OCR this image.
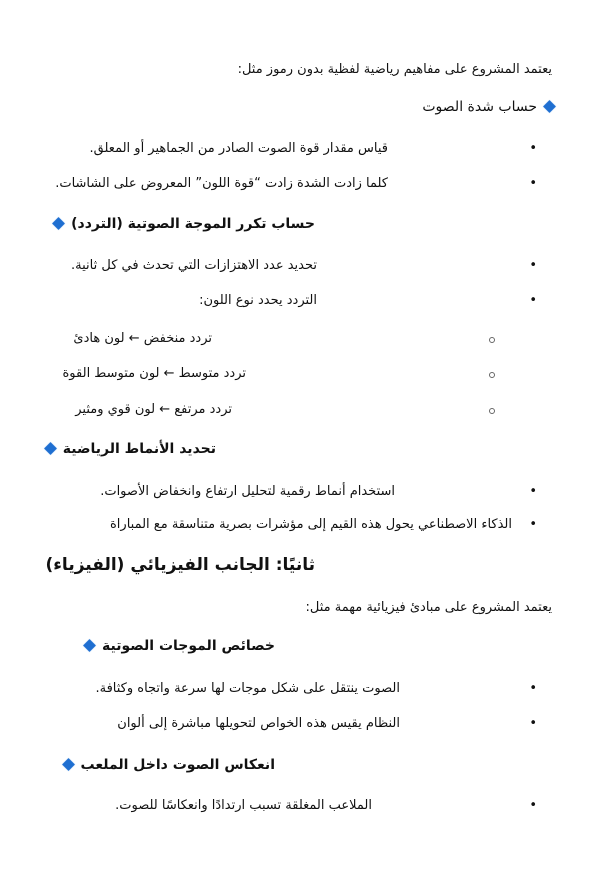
يعتمد المشروع على مفاهيم رياضية لفظية بدون رموز مثل:
حساب شدة الصوت
•
قياس مقدار قوة الصوت الصادر من الجماهير أو المعلق.
•
كلما زادت الشدة زادت “قوة اللون” المعروض على الشاشات.
حساب تكرر الموجة الصوتية (التردد)
•
تحديد عدد الاهتزازات التي تحدث في كل ثانية.
•
التردد يحدد نوع اللون:
تردد منخفض ← لون هادئ
تردد متوسط ← لون متوسط القوة
تردد مرتفع ← لون قوي ومثير
تحديد الأنماط الرياضية
•
استخدام أنماط رقمية لتحليل ارتفاع وانخفاض الأصوات.
•
الذكاء الاصطناعي يحول هذه القيم إلى مؤشرات بصرية متناسقة مع المباراة
ثانيًا: الجانب الفيزيائي (الفيزياء)
يعتمد المشروع على مبادئ فيزيائية مهمة مثل:
خصائص الموجات الصوتية
•
الصوت ينتقل على شكل موجات لها سرعة واتجاه وكثافة.
•
النظام يقيس هذه الخواص لتحويلها مباشرة إلى ألوان
انعكاس الصوت داخل الملعب
•
الملاعب المغلقة تسبب ارتدادًا وانعكاسًا للصوت.
